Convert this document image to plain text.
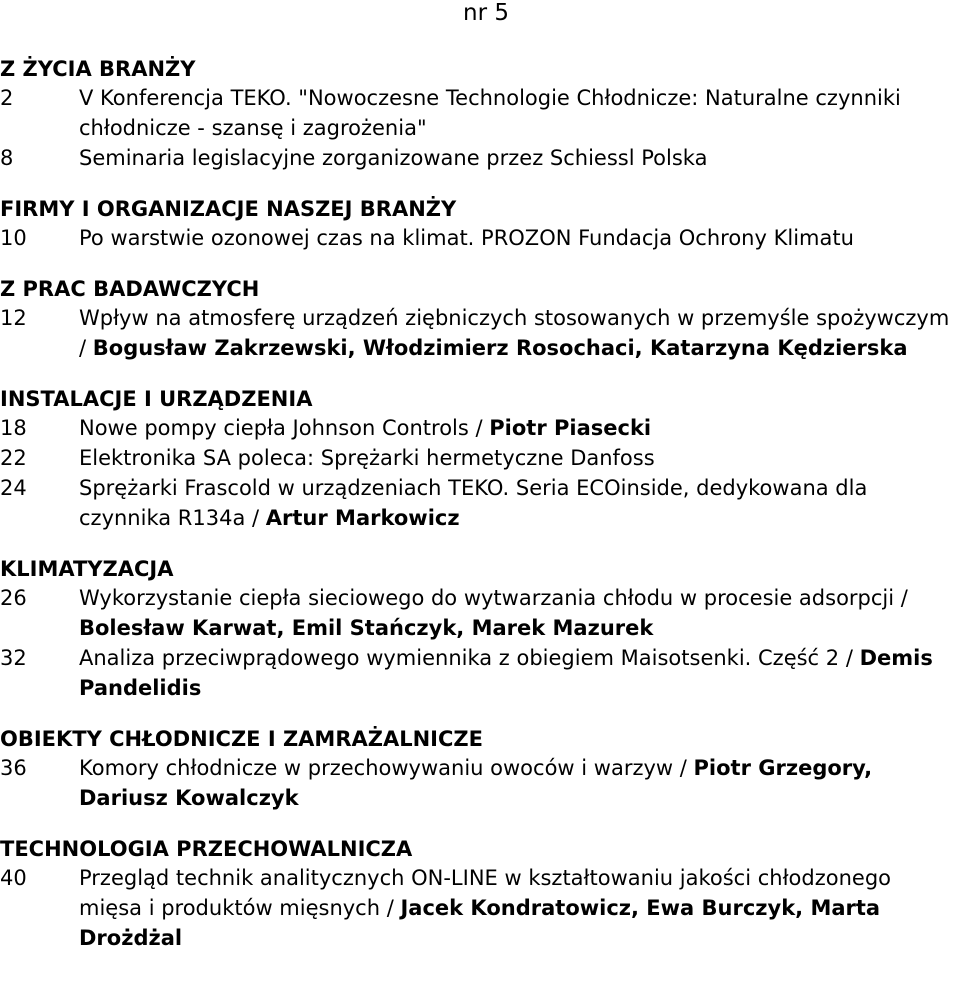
nr 5
Z ŻYCIA BRANŻY
2	V Konferencja TEKO. "Nowoczesne Technologie Chłodnicze: Naturalne czynniki chłodnicze - szansę i zagrożenia"
8	Seminaria legislacyjne zorganizowane przez Schiessl Polska
FIRMY I ORGANIZACJE NASZEJ BRANŻY
10	Po warstwie ozonowej czas na klimat. PROZON Fundacja Ochrony Klimatu
Z PRAC BADAWCZYCH
12	Wpływ na atmosferę urządzeń ziębniczych stosowanych w przemyśle spożywczym / Bogusław Zakrzewski, Włodzimierz Rosochaci, Katarzyna Kędzierska
INSTALACJE I URZĄDZENIA
18	Nowe pompy ciepła Johnson Controls / Piotr Piasecki
22	Elektronika SA poleca: Sprężarki hermetyczne Danfoss
24	Sprężarki Frascold w urządzeniach TEKO. Seria ECOinside, dedykowana dla czynnika R134a / Artur Markowicz
KLIMATYZACJA
26	Wykorzystanie ciepła sieciowego do wytwarzania chłodu w procesie adsorpcji / Bolesław Karwat, Emil Stańczyk, Marek Mazurek
32	Analiza przeciwprądowego wymiennika z obiegiem Maisotsenki. Część 2 / Demis Pandelidis
OBIEKTY CHŁODNICZE I ZAMRAŻALNICZE
36	Komory chłodnicze w przechowywaniu owoców i warzyw / Piotr Grzegory, Dariusz Kowalczyk
TECHNOLOGIA PRZECHOWALNICZA
40	Przegląd technik analitycznych ON-LINE w kształtowaniu jakości chłodzonego mięsa i produktów mięsnych / Jacek Kondratowicz, Ewa Burczyk, Marta Drożdżal
